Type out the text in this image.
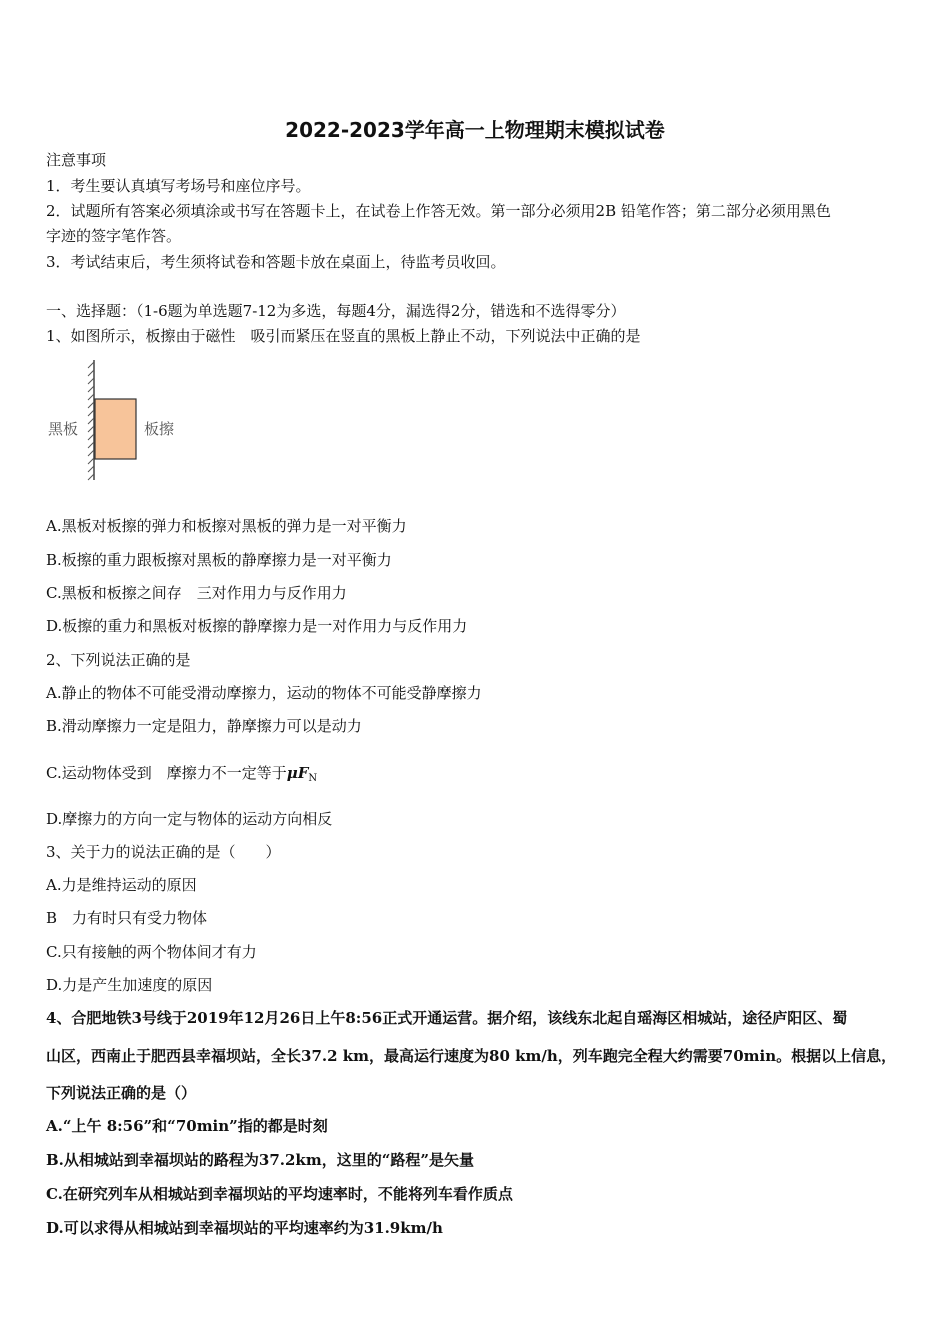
2022-2023学年高一上物理期末模拟试卷
注意事项
1．考生要认真填写考场号和座位序号。
2．试题所有答案必须填涂或书写在答题卡上，在试卷上作答无效。第一部分必须用2B 铅笔作答；第二部分必须用黑色
字迹的签字笔作答。
3．考试结束后，考生须将试卷和答题卡放在桌面上，待监考员收回。
一、选择题：（1-6题为单选题7-12为多选，每题4分，漏选得2分，错选和不选得零分）
1、如图所示，板擦由于磁性　吸引而紧压在竖直的黑板上静止不动，下列说法中正确的是
黑板	板擦
A.黑板对板擦的弹力和板擦对黑板的弹力是一对平衡力
B.板擦的重力跟板擦对黑板的静摩擦力是一对平衡力
C.黑板和板擦之间存　三对作用力与反作用力
D.板擦的重力和黑板对板擦的静摩擦力是一对作用力与反作用力
2、下列说法正确的是
A.静止的物体不可能受滑动摩擦力，运动的物体不可能受静摩擦力
B.滑动摩擦力一定是阻力，静摩擦力可以是动力
C.运动物体受到　摩擦力不一定等于$\mu F_N$
D.摩擦力的方向一定与物体的运动方向相反
3、关于力的说法正确的是（　　）
A.力是维持运动的原因
B　力有时只有受力物体
C.只有接触的两个物体间才有力
D.力是产生加速度的原因
4、合肥地铁3号线于2019年12月26日上午8:56正式开通运营。据介绍，该线东北起自瑶海区相城站，途径庐阳区、蜀
山区，西南止于肥西县幸福坝站，全长37.2 km，最高运行速度为80 km/h，列车跑完全程大约需要70min。根据以上信息，
下列说法正确的是（）
A.“上午 8:56”和“70min”指的都是时刻
B.从相城站到幸福坝站的路程为37.2km，这里的“路程”是矢量
C.在研究列车从相城站到幸福坝站的平均速率时，不能将列车看作质点
D.可以求得从相城站到幸福坝站的平均速率约为31.9km/h
